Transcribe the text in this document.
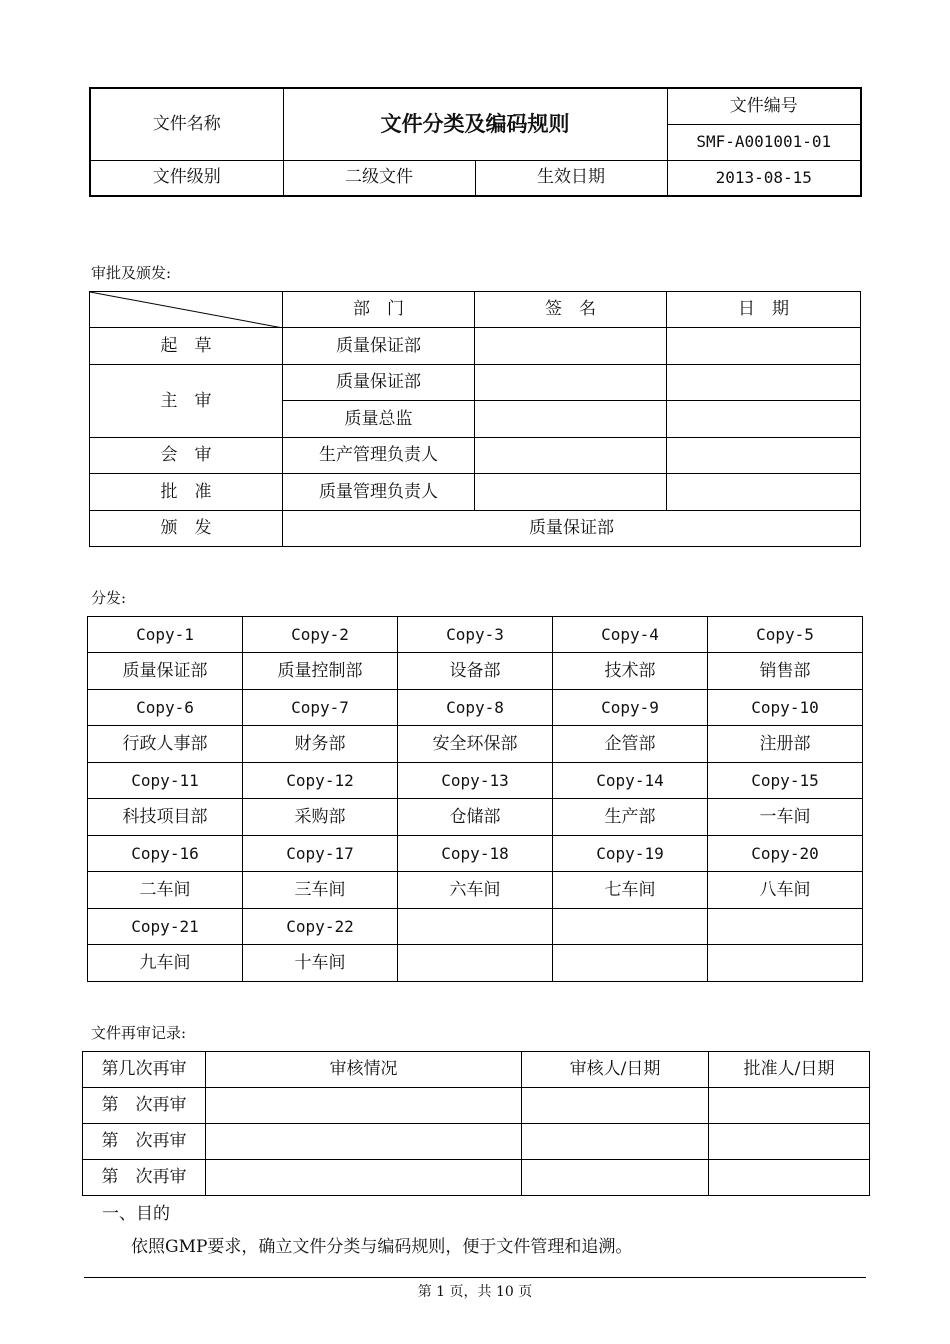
文件名称	文件分类及编码规则		文件编号
			SMF-A001001-01
文件级别	二级文件	生效日期	2013-08-15
审批及颁发:
	部　门	签　名	日　期
起　草	质量保证部		
主　审	质量保证部		
	质量总监		
会　审	生产管理负责人		
批　准	质量管理负责人		
颁　发	质量保证部		
分发:
Copy-1	Copy-2	Copy-3	Copy-4	Copy-5
质量保证部	质量控制部	设备部	技术部	销售部
Copy-6	Copy-7	Copy-8	Copy-9	Copy-10
行政人事部	财务部	安全环保部	企管部	注册部
Copy-11	Copy-12	Copy-13	Copy-14	Copy-15
科技项目部	采购部	仓储部	生产部	一车间
Copy-16	Copy-17	Copy-18	Copy-19	Copy-20
二车间	三车间	六车间	七车间	八车间
Copy-21	Copy-22			
九车间	十车间			
文件再审记录:
第几次再审	审核情况	审核人/日期	批准人/日期
第　次再审			
第　次再审			
第　次再审			
一、目的
依照GMP要求，确立文件分类与编码规则，便于文件管理和追溯。
第 1 页，共 10 页
